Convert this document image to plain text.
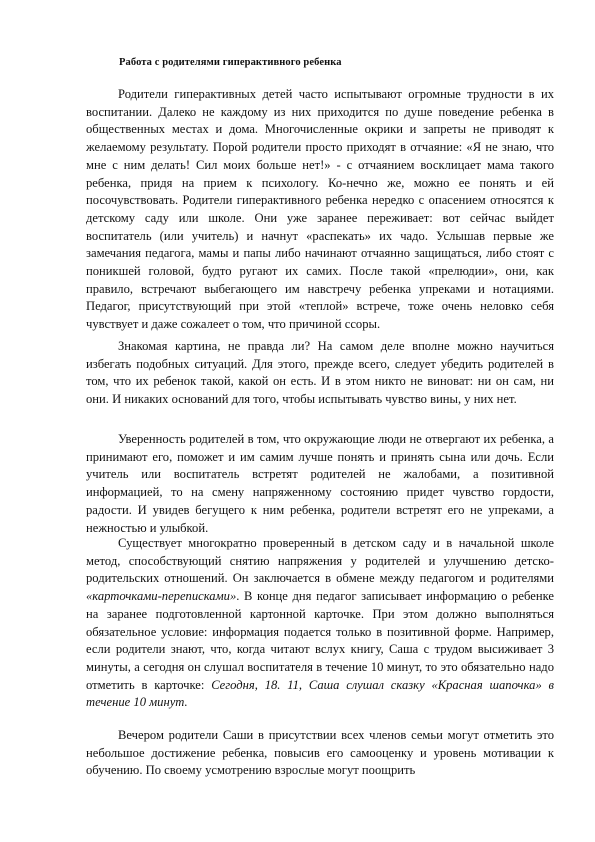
Работа с родителями гиперактивного ребенка

Родители гиперактивных детей часто испытывают огромные трудности в их воспитании. Далеко не каждому из них приходится по душе поведение ребенка в общественных местах и дома. Многочисленные окрики и запреты не приводят к желаемому результату. Порой родители просто приходят в отчаяние: «Я не знаю, что мне с ним делать! Сил моих больше нет!» - с отчаянием восклицает мама такого ребенка, придя на прием к психологу. Ко-нечно же, можно ее понять и ей посочувствовать. Родители гиперактивного ребенка нередко с опасением относятся к детскому саду или школе. Они уже заранее переживает: вот сейчас выйдет воспитатель (или учитель) и начнут «распекать» их чадо. Услышав первые же замечания педагога, мамы и папы либо начинают отчаянно защищаться, либо стоят с поникшей головой, будто ругают их самих. После такой «прелюдии», они, как правило, встречают выбегающего им навстречу ребенка упреками и нотациями. Педагог, присутствующий при этой «теплой» встрече, тоже очень неловко себя чувствует и даже сожалеет о том, что причиной ссоры.

Знакомая картина, не правда ли? На самом деле вполне можно научиться избегать подобных ситуаций. Для этого, прежде всего, следует убедить родителей в том, что их ребенок такой, какой он есть. И в этом никто не виноват: ни он сам, ни они. И никаких оснований для того, чтобы испытывать чувство вины, у них нет.

Уверенность родителей в том, что окружающие люди не отвергают их ребенка, а принимают его, поможет и им самим лучше понять и принять сына или дочь. Если учитель или воспитатель встретят родителей не жалобами, а позитивной информацией, то на смену напряженному состоянию придет чувство гордости, радости. И увидев бегущего к ним ребенка, родители встретят его не упреками, а нежностью и улыбкой.

Существует многократно проверенный в детском саду и в начальной школе метод, способствующий снятию напряжения у родителей и улучшению детско-родительских отношений. Он заключается в обмене между педагогом и родителями «карточками-переписками». В конце дня педагог записывает информацию о ребенке на заранее подготовленной картонной карточке. При этом должно выполняться обязательное условие: информация подается только в позитивной форме. Например, если родители знают, что, когда читают вслух книгу, Саша с трудом высиживает 3 минуты, а сегодня он слушал воспитателя в течение 10 минут, то это обязательно надо отметить в карточке: Сегодня, 18. 11, Саша слушал сказку «Красная шапочка» в течение 10 минут.

Вечером родители Саши в присутствии всех членов семьи могут отметить это небольшое достижение ребенка, повысив его самооценку и уровень мотивации к обучению. По своему усмотрению взрослые могут поощрить
